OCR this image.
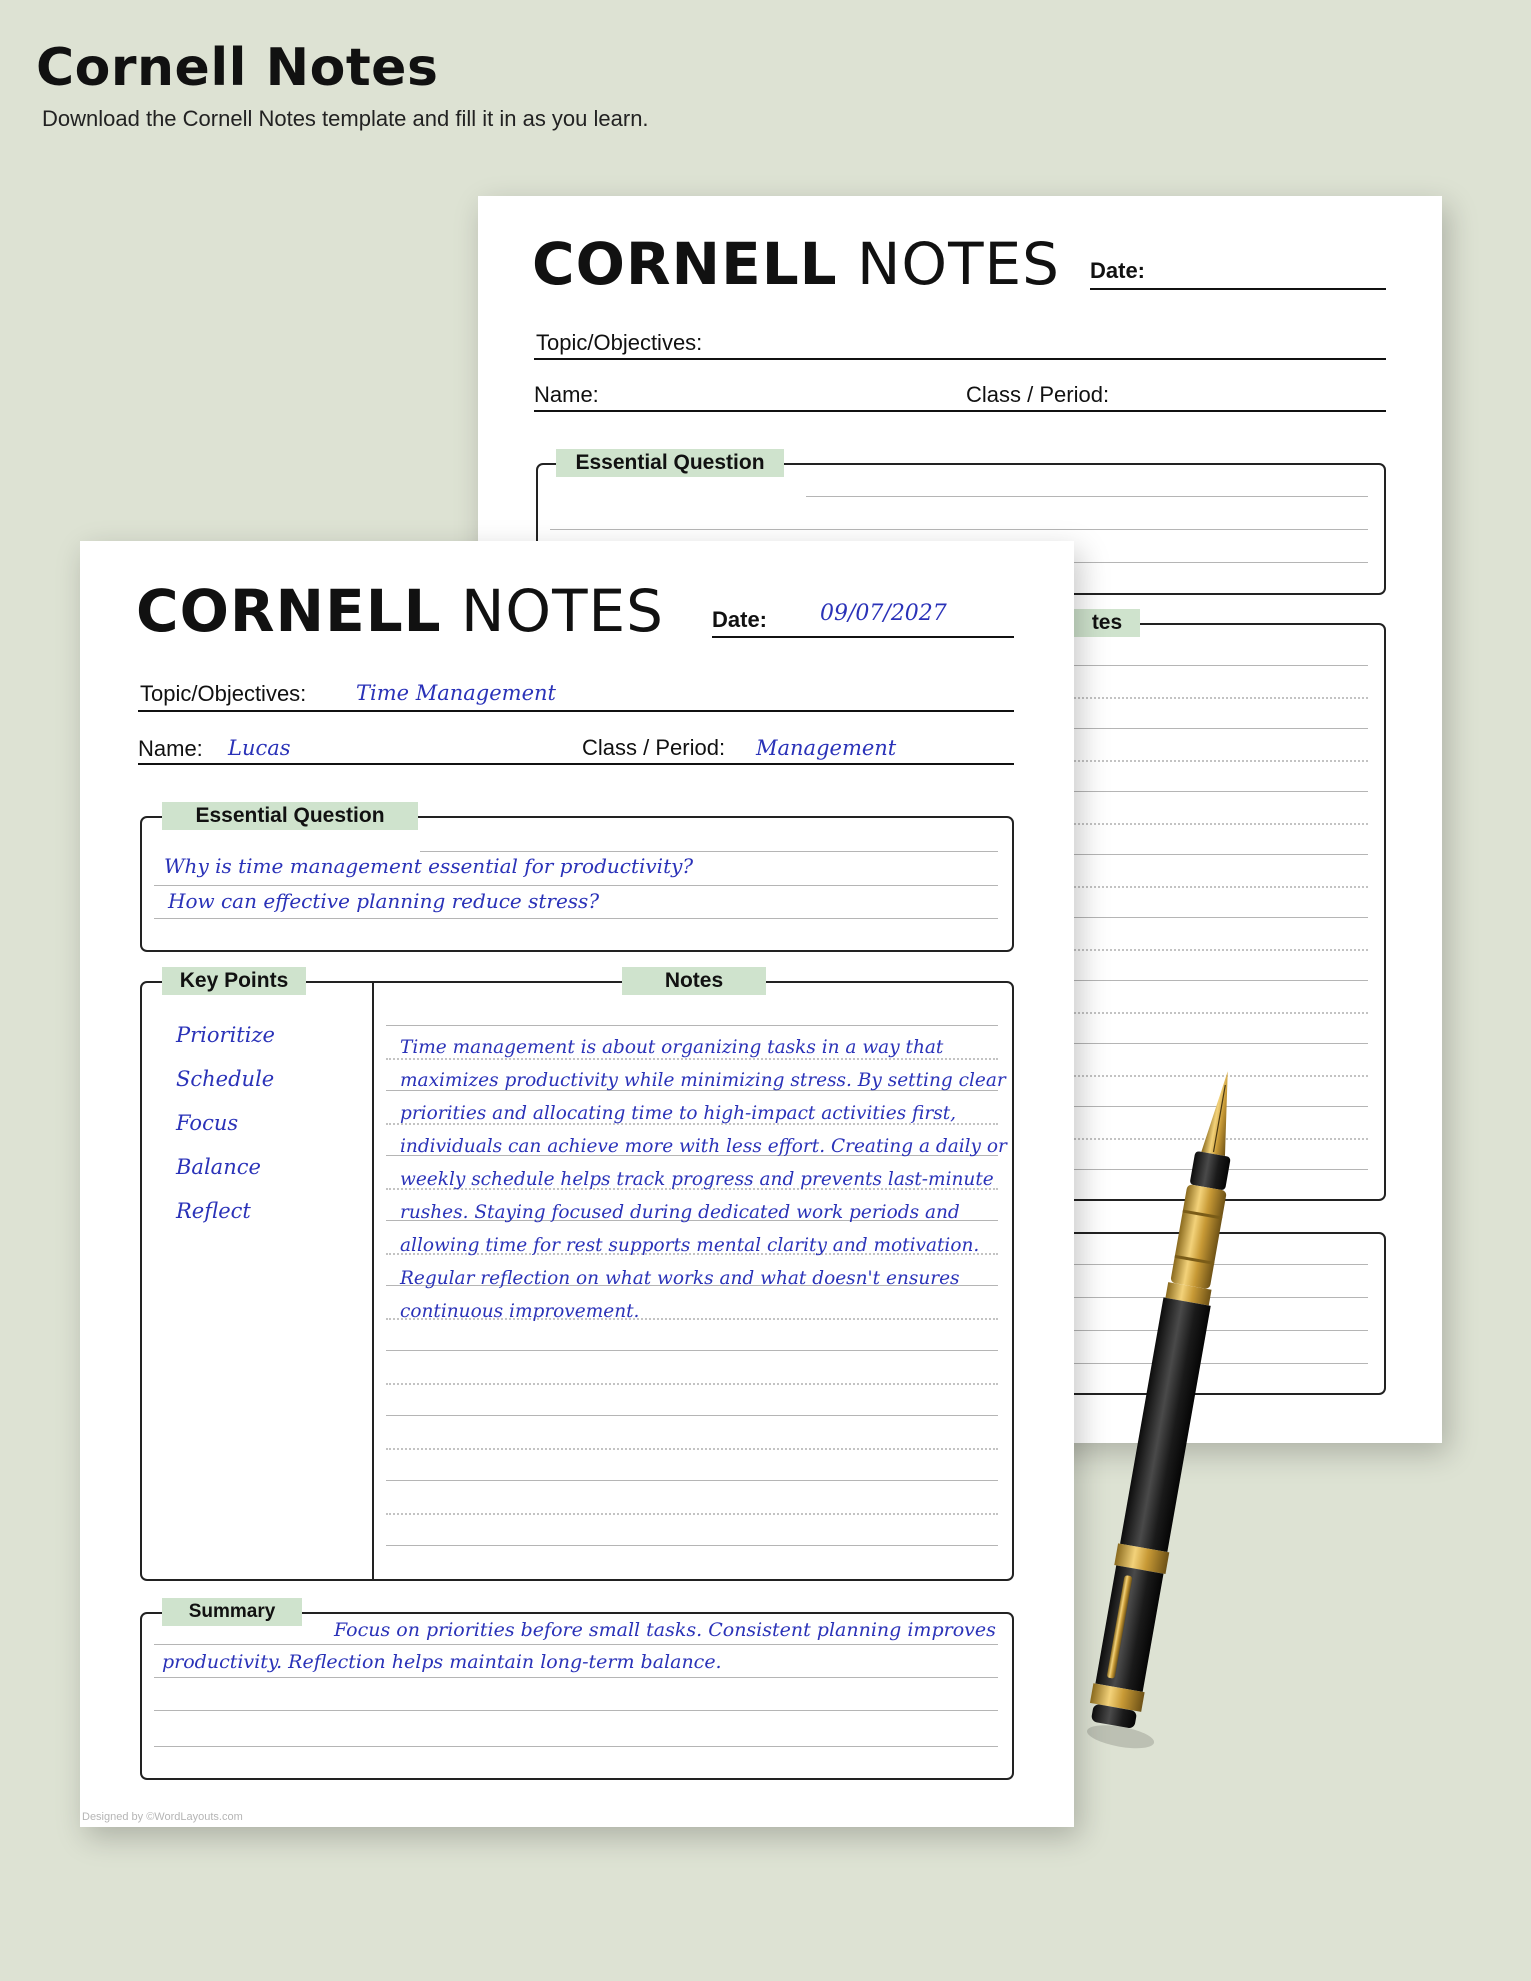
Cornell Notes
Download the Cornell Notes template and fill it in as you learn.
CORNELL NOTES Date:
Topic/Objectives:
Name:	Class / Period:
Essential Question
tes
CORNELL NOTES Date: 09/07/2027
Topic/Objectives: Time Management
Name: Lucas	Class / Period: Management
Essential Question
Why is time management essential for productivity?
How can effective planning reduce stress?
Key Points	Notes
Prioritize
Schedule
Focus
Balance
Reflect
Time management is about organizing tasks in a way that
maximizes productivity while minimizing stress. By setting clear
priorities and allocating time to high-impact activities first,
individuals can achieve more with less effort. Creating a daily or
weekly schedule helps track progress and prevents last-minute
rushes. Staying focused during dedicated work periods and
allowing time for rest supports mental clarity and motivation.
Regular reflection on what works and what doesn't ensures
continuous improvement.
Summary
Focus on priorities before small tasks. Consistent planning improves
productivity. Reflection helps maintain long-term balance.
Designed by ©WordLayouts.com
